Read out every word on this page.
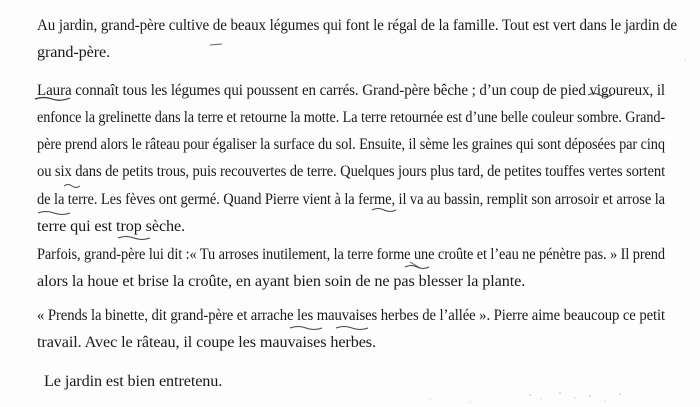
Au jardin, grand-père cultive de beaux légumes qui font le régal de la famille. Tout est vert dans le jardin de
grand-père.
Laura connaît tous les légumes qui poussent en carrés. Grand-père bêche ; d’un coup de pied vigoureux, il
enfonce la grelinette dans la terre et retourne la motte. La terre retournée est d’une belle couleur sombre. Grand-
père prend alors le râteau pour égaliser la surface du sol. Ensuite, il sème les graines qui sont déposées par cinq
ou six dans de petits trous, puis recouvertes de terre. Quelques jours plus tard, de petites touffes vertes sortent
de la terre. Les fèves ont germé. Quand Pierre vient à la ferme, il va au bassin, remplit son arrosoir et arrose la
terre qui est trop sèche.
Parfois, grand-père lui dit :« Tu arroses inutilement, la terre forme une croûte et l’eau ne pénètre pas. » Il prend
alors la houe et brise la croûte, en ayant bien soin de ne pas blesser la plante.
« Prends la binette, dit grand-père et arrache les mauvaises herbes de l’allée ». Pierre aime beaucoup ce petit
travail. Avec le râteau, il coupe les mauvaises herbes.
Le jardin est bien entretenu.
